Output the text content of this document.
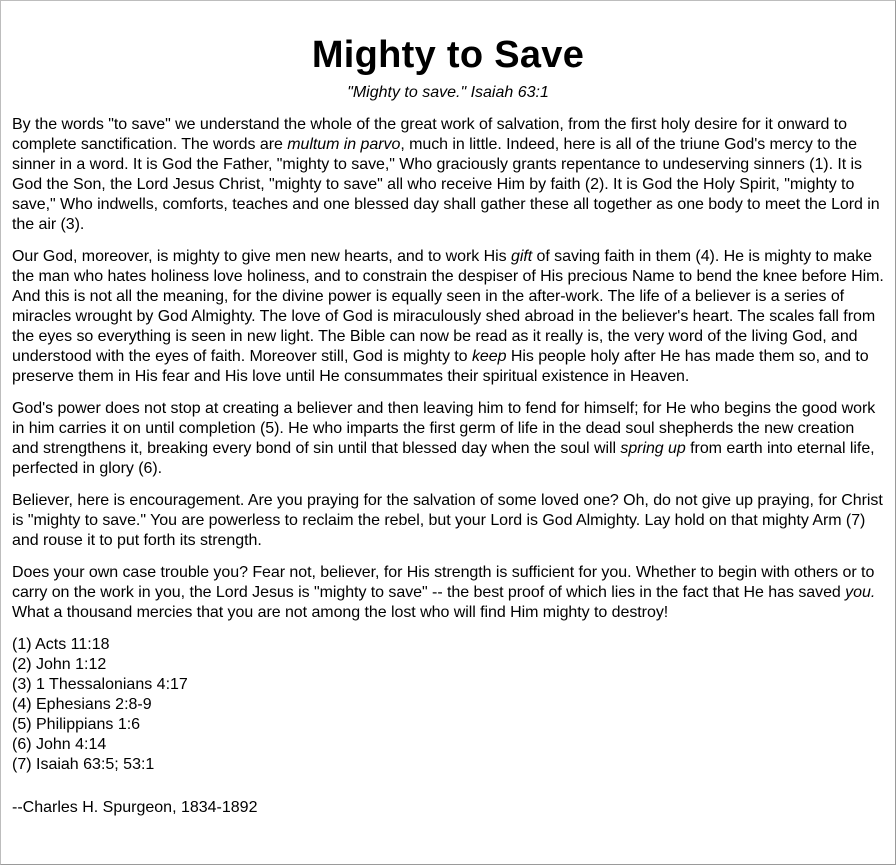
Mighty to Save
"Mighty to save." Isaiah 63:1

By the words "to save" we understand the whole of the great work of salvation, from the first holy desire for it onward to complete sanctification. The words are multum in parvo, much in little. Indeed, here is all of the triune God's mercy to the sinner in a word. It is God the Father, "mighty to save," Who graciously grants repentance to undeserving sinners (1). It is God the Son, the Lord Jesus Christ, "mighty to save" all who receive Him by faith (2). It is God the Holy Spirit, "mighty to save," Who indwells, comforts, teaches and one blessed day shall gather these all together as one body to meet the Lord in the air (3).

Our God, moreover, is mighty to give men new hearts, and to work His gift of saving faith in them (4). He is mighty to make the man who hates holiness love holiness, and to constrain the despiser of His precious Name to bend the knee before Him. And this is not all the meaning, for the divine power is equally seen in the after-work. The life of a believer is a series of miracles wrought by God Almighty. The love of God is miraculously shed abroad in the believer's heart. The scales fall from the eyes so everything is seen in new light. The Bible can now be read as it really is, the very word of the living God, and understood with the eyes of faith. Moreover still, God is mighty to keep His people holy after He has made them so, and to preserve them in His fear and His love until He consummates their spiritual existence in Heaven.

God's power does not stop at creating a believer and then leaving him to fend for himself; for He who begins the good work in him carries it on until completion (5). He who imparts the first germ of life in the dead soul shepherds the new creation and strengthens it, breaking every bond of sin until that blessed day when the soul will spring up from earth into eternal life, perfected in glory (6).

Believer, here is encouragement. Are you praying for the salvation of some loved one? Oh, do not give up praying, for Christ is "mighty to save." You are powerless to reclaim the rebel, but your Lord is God Almighty. Lay hold on that mighty Arm (7) and rouse it to put forth its strength.

Does your own case trouble you? Fear not, believer, for His strength is sufficient for you. Whether to begin with others or to carry on the work in you, the Lord Jesus is "mighty to save" -- the best proof of which lies in the fact that He has saved you. What a thousand mercies that you are not among the lost who will find Him mighty to destroy!

(1) Acts 11:18
(2) John 1:12
(3) 1 Thessalonians 4:17
(4) Ephesians 2:8-9
(5) Philippians 1:6
(6) John 4:14
(7) Isaiah 63:5; 53:1
--Charles H. Spurgeon, 1834-1892
